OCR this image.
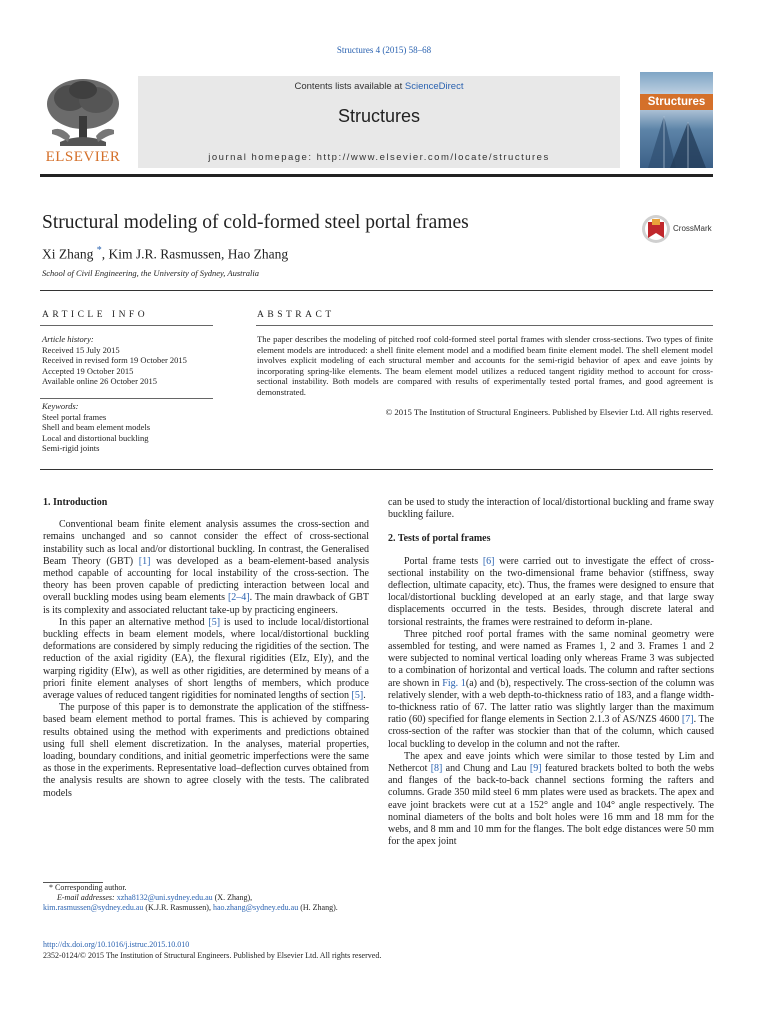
Structures 4 (2015) 58–68
ELSEVIER
Contents lists available at ScienceDirect
Structures
journal homepage: http://www.elsevier.com/locate/structures
Structures
Structural modeling of cold-formed steel portal frames	CrossMark
Xi Zhang *, Kim J.R. Rasmussen, Hao Zhang
School of Civil Engineering, the University of Sydney, Australia
ARTICLE INFO	ABSTRACT
Article history:
Received 15 July 2015
Received in revised form 19 October 2015
Accepted 19 October 2015
Available online 26 October 2015
Keywords:
Steel portal frames
Shell and beam element models
Local and distortional buckling
Semi-rigid joints
The paper describes the modeling of pitched roof cold-formed steel portal frames with slender cross-sections. Two types of finite element models are introduced: a shell finite element model and a modified beam finite element model. The shell element model involves explicit modeling of each structural member and accounts for the semi-rigid behavior of apex and eave joints by incorporating spring-like elements. The beam element model utilizes a reduced tangent rigidity method to account for cross-sectional instability. Both models are compared with results of experimentally tested portal frames, and good agreement is demonstrated.
© 2015 The Institution of Structural Engineers. Published by Elsevier Ltd. All rights reserved.

1. Introduction

Conventional beam finite element analysis assumes the cross-section and remains unchanged and so cannot consider the effect of cross-sectional instability such as local and/or distortional buckling. In contrast, the Generalised Beam Theory (GBT) [1] was developed as a beam-element-based analysis method capable of accounting for local instability of the cross-section. The theory has been proven capable of predicting interaction between local and overall buckling modes using beam elements [2–4]. The main drawback of GBT is its complexity and associated reluctant take-up by practicing engineers.

In this paper an alternative method [5] is used to include local/distortional buckling effects in beam element models, where local/distortional buckling deformations are considered by simply reducing the rigidities of the section. The reduction of the axial rigidity (EA), the flexural rigidities (EIz, EIy), and the warping rigidity (EIw), as well as other rigidities, are determined by means of a priori finite element analyses of short lengths of members, which produce average values of reduced tangent rigidities for nominated lengths of section [5].

The purpose of this paper is to demonstrate the application of the stiffness-based beam element method to portal frames. This is achieved by comparing results obtained using the method with experiments and predictions obtained using full shell element discretization. In the analyses, material properties, loading, boundary conditions, and initial geometric imperfections were the same as those in the experiments. Representative load–deflection curves obtained from the analysis results are shown to agree closely with the tests. The calibrated models

can be used to study the interaction of local/distortional buckling and frame sway buckling failure.

2. Tests of portal frames

Portal frame tests [6] were carried out to investigate the effect of cross-sectional instability on the two-dimensional frame behavior (stiffness, sway deflection, ultimate capacity, etc). Thus, the frames were designed to ensure that local/distortional buckling developed at an early stage, and that large sway displacements occurred in the tests. Besides, through discrete lateral and torsional restraints, the frames were restrained to deform in-plane.

Three pitched roof portal frames with the same nominal geometry were assembled for testing, and were named as Frames 1, 2 and 3. Frames 1 and 2 were subjected to nominal vertical loading only whereas Frame 3 was subjected to a combination of horizontal and vertical loads. The column and rafter sections are shown in Fig. 1(a) and (b), respectively. The cross-section of the column was relatively slender, with a web depth-to-thickness ratio of 183, and a flange width-to-thickness ratio of 67. The latter ratio was slightly larger than the maximum ratio (60) specified for flange elements in Section 2.1.3 of AS/NZS 4600 [7]. The cross-section of the rafter was stockier than that of the column, which caused local buckling to develop in the column and not the rafter.

The apex and eave joints which were similar to those tested by Lim and Nethercot [8] and Chung and Lau [9] featured brackets bolted to both the webs and flanges of the back-to-back channel sections forming the rafters and columns. Grade 350 mild steel 6 mm plates were used as brackets. The apex and eave joint brackets were cut at a 152° angle and 104° angle respectively. The nominal diameters of the bolts and bolt holes were 16 mm and 18 mm for the webs, and 8 mm and 10 mm for the flanges. The bolt edge distances were 50 mm for the apex joint

* Corresponding author.
E-mail addresses: xzha8132@uni.sydney.edu.au (X. Zhang),
kim.rasmussen@sydney.edu.au (K.J.R. Rasmussen), hao.zhang@sydney.edu.au (H. Zhang).
http://dx.doi.org/10.1016/j.istruc.2015.10.010
2352-0124/© 2015 The Institution of Structural Engineers. Published by Elsevier Ltd. All rights reserved.
